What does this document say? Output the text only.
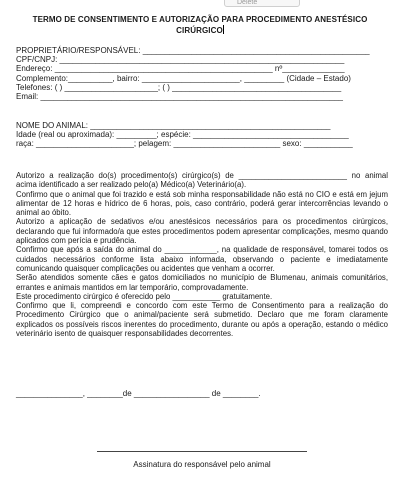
Delete
TERMO DE CONSENTIMENTO E AUTORIZAÇÃO PARA PROCEDIMENTO ANESTÉSICO
CIRÚRGICO
PROPRIETÁRIO/RESPONSÁVEL: ___________________________________________________
CPF/CNPJ: ________________________________________________________________
Endereço: _________________________________________________ nº______________
Complemento:__________, bairro: ______________________, _________ (Cidade – Estado)
Telefones: ( ) _____________________; ( ) ______________________________________
Email: ____________________________________________________________________
NOME DO ANIMAL: ______________________________________________________
Idade (real ou aproximada): _________; espécie: ___________________________________
raça: ______________________; pelagem: ________________________ sexo: ___________

Autorizo a realização do(s) procedimento(s) cirúrgico(s) de _________________________ no animal acima identificado a ser realizado pelo(a) Médico(a) Veterinário(a).

Confirmo que o animal que foi trazido e está sob minha responsabilidade não está no CIO e está em jejum alimentar de 12 horas e hídrico de 6 horas, pois, caso contrário, poderá gerar intercorrências levando o animal ao óbito.

Autorizo a aplicação de sedativos e/ou anestésicos necessários para os procedimentos cirúrgicos, declarando que fui informado/a que estes procedimentos podem apresentar complicações, mesmo quando aplicados com perícia e prudência.

Confirmo que após a saída do animal do ____________, na qualidade de responsável, tomarei todos os cuidados necessários conforme lista abaixo informada, observando o paciente e imediatamente comunicando quaisquer complicações ou acidentes que venham a ocorrer.

Serão atendidos somente cães e gatos domiciliados no município de Blumenau, animais comunitários, errantes e animais mantidos em lar temporário, comprovadamente.

Este procedimento cirúrgico é oferecido pelo ___________ gratuitamente.

Confirmo que li, compreendi e concordo com este Termo de Consentimento para a realização do Procedimento Cirúrgico que o animal/paciente será submetido. Declaro que me foram claramente explicados os possíveis riscos inerentes do procedimento, durante ou após a operação, estando o médico veterinário isento de quaisquer responsabilidades decorrentes.

_______________, ________de _________________ de ________.
Assinatura do responsável pelo animal
